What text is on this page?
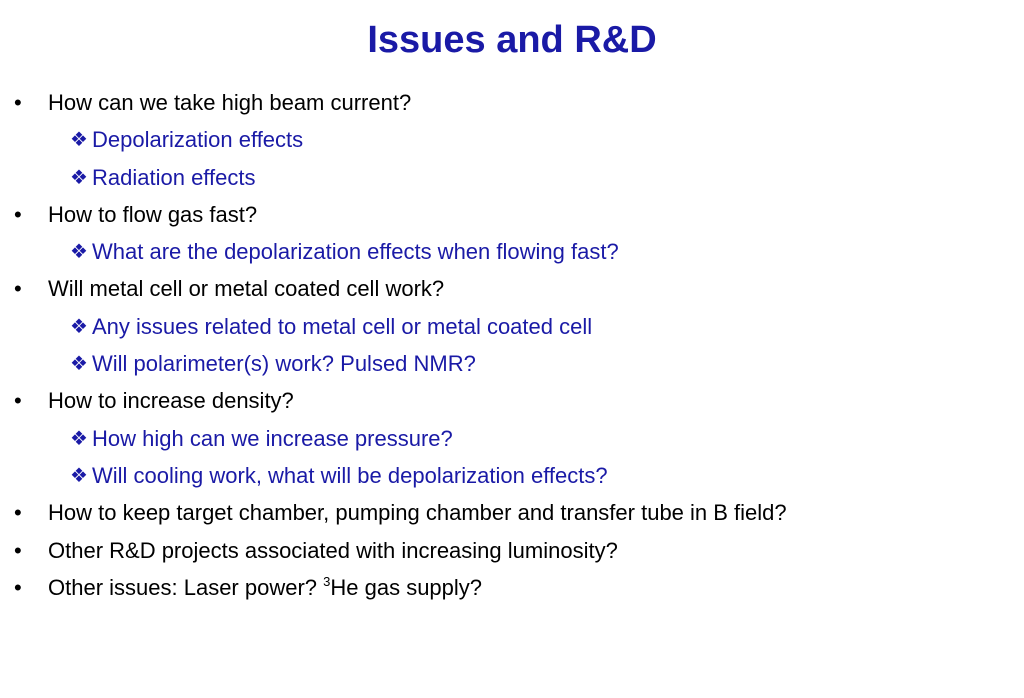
Issues and R&D
•	How can we take high beam current?
❖ Depolarization effects
❖ Radiation effects
•	How to flow gas fast?
❖ What are the depolarization effects when flowing fast?
•	Will metal cell or metal coated cell work?
❖ Any issues related to metal cell or metal coated cell
❖ Will polarimeter(s) work? Pulsed NMR?
•	How to increase density?
❖ How high can we increase pressure?
❖ Will cooling work, what will be depolarization effects?
•	How to keep target chamber, pumping chamber and transfer tube in B field?
•	Other R&D projects associated with increasing luminosity?
•	Other issues: Laser power? $^3$He gas supply?
